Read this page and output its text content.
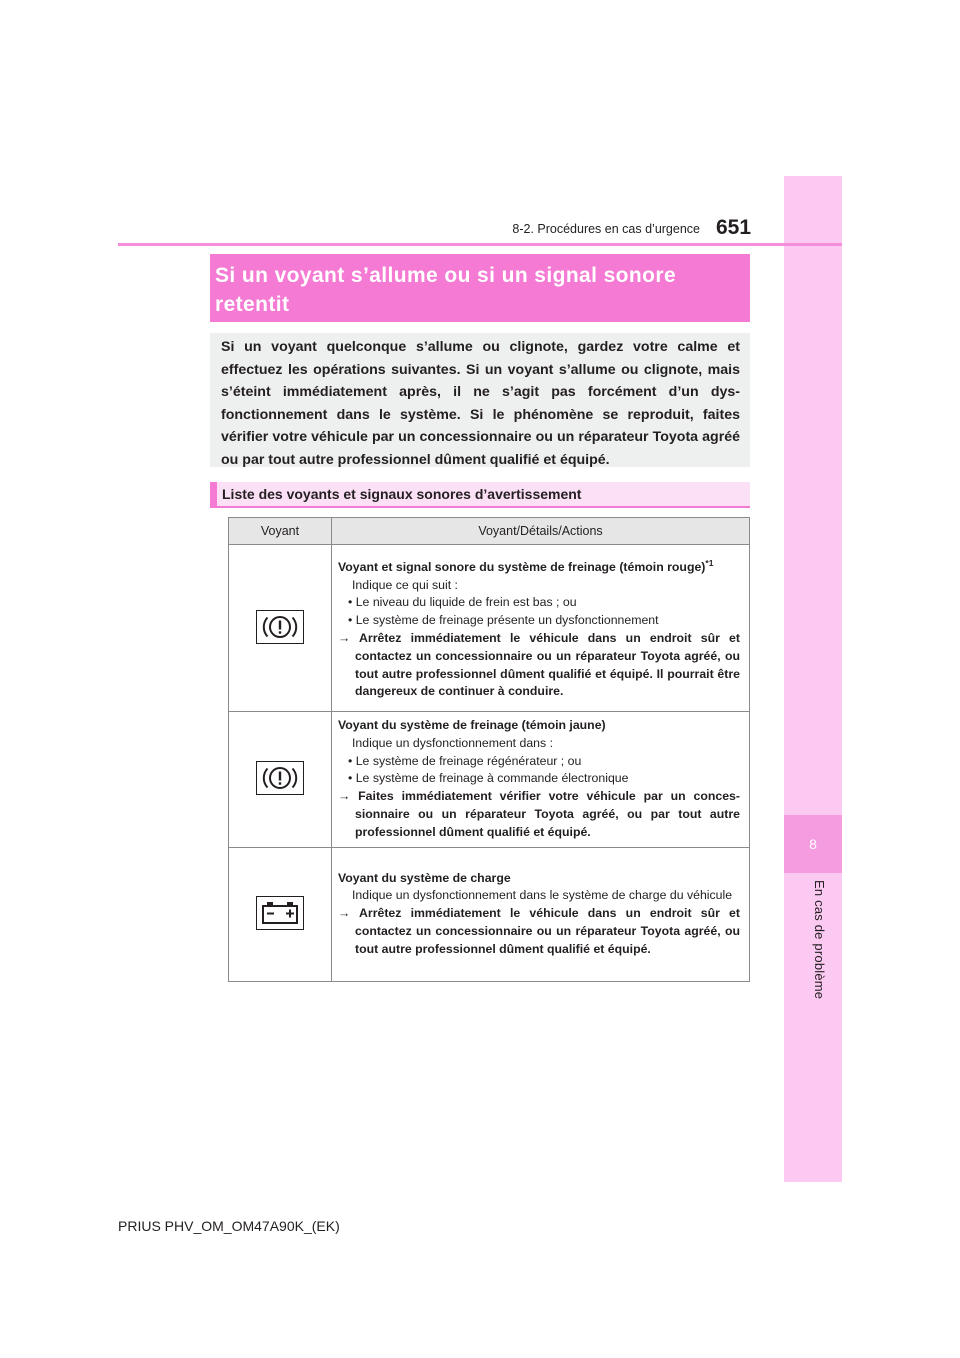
8
En cas de problème
8-2. Procédures en cas d’urgence 651
Si un voyant s’allume ou si un signal sonore
retentit
Si un voyant quelconque s’allume ou clignote, gardez votre calme et effectuez les opérations suivantes. Si un voyant s’allume ou clignote, mais s’éteint immédiatement après, il ne s’agit pas forcément d’un dys-fonctionnement dans le système. Si le phénomène se reproduit, faites vérifier votre véhicule par un concessionnaire ou un réparateur Toyota agréé ou par tout autre professionnel dûment qualifié et équipé.
Liste des voyants et signaux sonores d’avertissement
Voyant	Voyant/Détails/Actions

Voyant et signal sonore du système de freinage (témoin rouge)$^{*1}$
Indique ce qui suit :
• Le niveau du liquide de frein est bas ; ou
• Le système de freinage présente un dysfonctionnement
→ Arrêtez immédiatement le véhicule dans un endroit sûr et contactez un concessionnaire ou un réparateur Toyota agréé, ou tout autre professionnel dûment qualifié et équipé. Il pourrait être dangereux de continuer à conduire.

Voyant du système de freinage (témoin jaune)
Indique un dysfonctionnement dans :
• Le système de freinage régénérateur ; ou
• Le système de freinage à commande électronique
→ Faites immédiatement vérifier votre véhicule par un conces-sionnaire ou un réparateur Toyota agréé, ou par tout autre professionnel dûment qualifié et équipé.

Voyant du système de charge
Indique un dysfonctionnement dans le système de charge du véhicule
→ Arrêtez immédiatement le véhicule dans un endroit sûr et contactez un concessionnaire ou un réparateur Toyota agréé, ou tout autre professionnel dûment qualifié et équipé.
PRIUS PHV_OM_OM47A90K_(EK)
